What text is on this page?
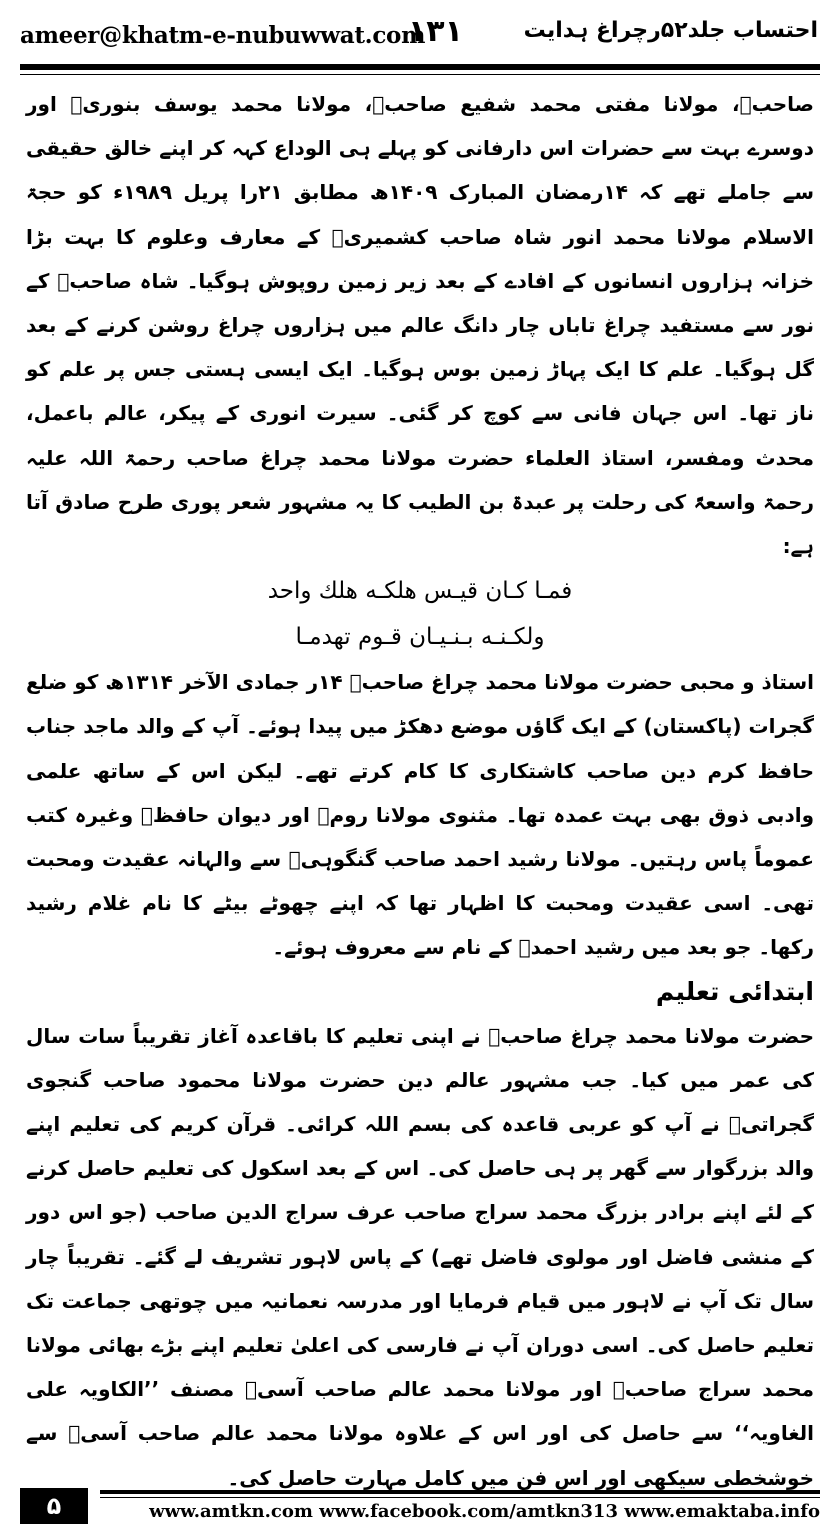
ameer@khatm-e-nubuwwat.com
۱۳۱	احتساب جلد۵۲رچراغ ہدایت

صاحبؒ، مولانا مفتی محمد شفیع صاحبؒ، مولانا محمد یوسف بنوریؒ اور دوسرے بہت سے حضرات اس دارفانی کو پہلے ہی الوداع کہہ کر اپنے خالق حقیقی سے جاملے تھے کہ ۱۴رمضان المبارک ۱۴۰۹ھ مطابق ۲۱را پریل ۱۹۸۹ء کو حجۃ الاسلام مولانا محمد انور شاہ صاحب کشمیریؒ کے معارف وعلوم کا بہت بڑا خزانہ ہزاروں انسانوں کے افادے کے بعد زیر زمین روپوش ہوگیا۔ شاہ صاحبؒ کے نور سے مستفید چراغ تاباں چار دانگ عالم میں ہزاروں چراغ روشن کرنے کے بعد گل ہوگیا۔ علم کا ایک پہاڑ زمین بوس ہوگیا۔ ایک ایسی ہستی جس پر علم کو ناز تھا۔ اس جہان فانی سے کوچ کر گئی۔ سیرت انوری کے پیکر، عالم باعمل، محدث ومفسر، استاذ العلماء حضرت مولانا محمد چراغ صاحب رحمۃ اللہ علیہ رحمۃ واسعۃً کی رحلت پر عبدۃ بن الطیب کا یہ مشہور شعر پوری طرح صادق آتا ہے:

فمـا كـان قيـس هلكـه هلك واحد

ولكـنـه بـنـيـان قـوم تهدمـا

استاذ و محبی حضرت مولانا محمد چراغ صاحبؒ ۱۴ر جمادی الآخر ۱۳۱۴ھ کو ضلع گجرات (پاکستان) کے ایک گاؤں موضع دھکڑ میں پیدا ہوئے۔ آپ کے والد ماجد جناب حافظ کرم دین صاحب کاشتکاری کا کام کرتے تھے۔ لیکن اس کے ساتھ علمی وادبی ذوق بھی بہت عمدہ تھا۔ مثنوی مولانا رومؒ اور دیوان حافظؒ وغیرہ کتب عموماً پاس رہتیں۔ مولانا رشید احمد صاحب گنگوہیؒ سے والہانہ عقیدت ومحبت تھی۔ اسی عقیدت ومحبت کا اظہار تھا کہ اپنے چھوٹے بیٹے کا نام غلام رشید رکھا۔ جو بعد میں رشید احمدؒ کے نام سے معروف ہوئے۔

ابتدائی تعلیم

حضرت مولانا محمد چراغ صاحبؒ نے اپنی تعلیم کا باقاعدہ آغاز تقریباً سات سال کی عمر میں کیا۔ جب مشہور عالم دین حضرت مولانا محمود صاحب گنجوی گجراتیؒ نے آپ کو عربی قاعدہ کی بسم اللہ کرائی۔ قرآن کریم کی تعلیم اپنے والد بزرگوار سے گھر پر ہی حاصل کی۔ اس کے بعد اسکول کی تعلیم حاصل کرنے کے لئے اپنے برادر بزرگ محمد سراج صاحب عرف سراج الدین صاحب (جو اس دور کے منشی فاضل اور مولوی فاضل تھے) کے پاس لاہور تشریف لے گئے۔ تقریباً چار سال تک آپ نے لاہور میں قیام فرمایا اور مدرسہ نعمانیہ میں چوتھی جماعت تک تعلیم حاصل کی۔ اسی دوران آپ نے فارسی کی اعلیٰ تعلیم اپنے بڑے بھائی مولانا محمد سراج صاحبؒ اور مولانا محمد عالم صاحب آسیؒ مصنف ’’الکاویہ علی الغاویہ‘‘ سے حاصل کی اور اس کے علاوہ مولانا محمد عالم صاحب آسیؒ سے خوشخطی سیکھی اور اس فن میں کامل مہارت حاصل کی۔

۵	www.amtkn.com www.facebook.com/amtkn313 www.emaktaba.info
